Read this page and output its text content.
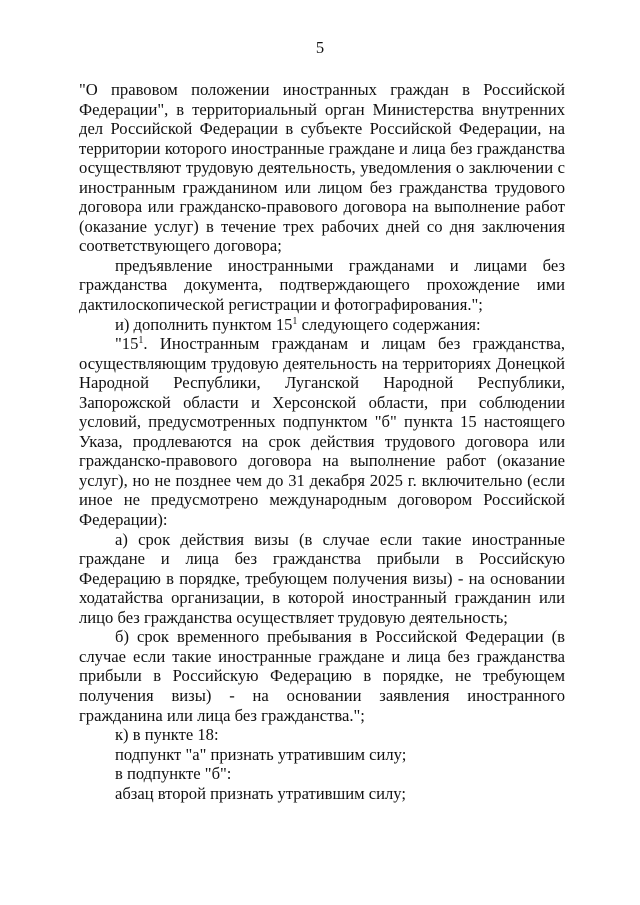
5

"О правовом положении иностранных граждан в Российской Федерации", в территориальный орган Министерства внутренних дел Российской Федерации в субъекте Российской Федерации, на территории которого иностранные граждане и лица без гражданства осуществляют трудовую деятельность, уведомления о заключении с иностранным гражданином или лицом без гражданства трудового договора или гражданско-правового договора на выполнение работ (оказание услуг) в течение трех рабочих дней со дня заключения соответствующего договора;

предъявление иностранными гражданами и лицами без гражданства документа, подтверждающего прохождение ими дактилоскопической регистрации и фотографирования.";

и) дополнить пунктом $15^1$ следующего содержания:

"$15^1$. Иностранным гражданам и лицам без гражданства, осуществляющим трудовую деятельность на территориях Донецкой Народной Республики, Луганской Народной Республики, Запорожской области и Херсонской области, при соблюдении условий, предусмотренных подпунктом "б" пункта 15 настоящего Указа, продлеваются на срок действия трудового договора или гражданско-правового договора на выполнение работ (оказание услуг), но не позднее чем до 31 декабря 2025 г. включительно (если иное не предусмотрено международным договором Российской Федерации):

а) срок действия визы (в случае если такие иностранные граждане и лица без гражданства прибыли в Российскую Федерацию в порядке, требующем получения визы) - на основании ходатайства организации, в которой иностранный гражданин или лицо без гражданства осуществляет трудовую деятельность;

б) срок временного пребывания в Российской Федерации (в случае если такие иностранные граждане и лица без гражданства прибыли в Российскую Федерацию в порядке, не требующем получения визы) - на основании заявления иностранного гражданина или лица без гражданства.";

к) в пункте 18:

подпункт "а" признать утратившим силу;

в подпункте "б":

абзац второй признать утратившим силу;
